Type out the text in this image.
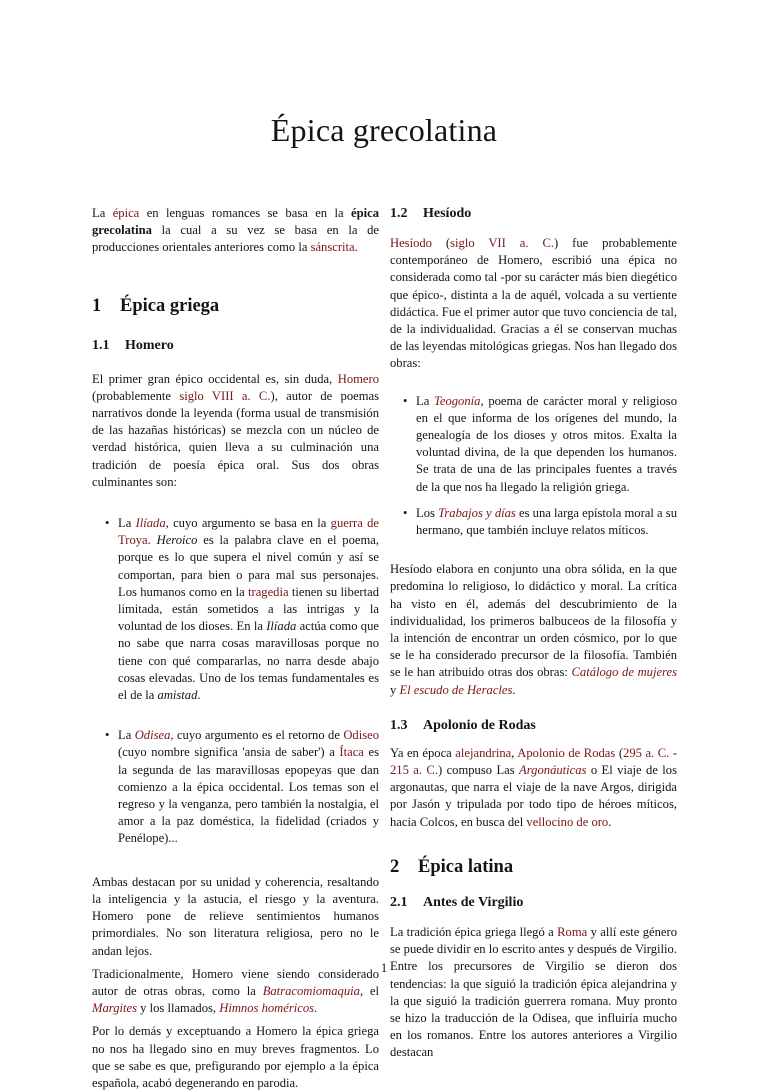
Épica grecolatina

La épica en lenguas romances se basa en la épica grecolatina la cual a su vez se basa en la de producciones orientales anteriores como la sánscrita.

1 Épica griega
1.1 Homero

El primer gran épico occidental es, sin duda, Homero (probablemente siglo VIII a. C.), autor de poemas narrativos donde la leyenda (forma usual de transmisión de las hazañas históricas) se mezcla con un núcleo de verdad histórica, quien lleva a su culminación una tradición de poesía épica oral. Sus dos obras culminantes son:

• La Ilíada, cuyo argumento se basa en la guerra de Troya. Heroico es la palabra clave en el poema, porque es lo que supera el nivel común y así se comportan, para bien o para mal sus personajes. Los humanos como en la tragedia tienen su libertad limitada, están sometidos a las intrigas y la voluntad de los dioses. En la Ilíada actúa como que no sabe que narra cosas maravillosas porque no tiene con qué compararlas, no narra desde abajo cosas elevadas. Uno de los temas fundamentales es el de la amistad.
• La Odisea, cuyo argumento es el retorno de Odiseo (cuyo nombre significa 'ansia de saber') a Ítaca es la segunda de las maravillosas epopeyas que dan comienzo a la épica occidental. Los temas son el regreso y la venganza, pero también la nostalgia, el amor a la paz doméstica, la fidelidad (criados y Penélope)...

Ambas destacan por su unidad y coherencia, resaltando la inteligencia y la astucia, el riesgo y la aventura. Homero pone de relieve sentimientos humanos primordiales. No son literatura religiosa, pero no le andan lejos.

Tradicionalmente, Homero viene siendo considerado autor de otras obras, como la Batracomiomaquia, el Margites y los llamados, Himnos homéricos.

Por lo demás y exceptuando a Homero la épica griega no nos ha llegado sino en muy breves fragmentos. Lo que se sabe es que, prefigurando por ejemplo a la épica española, acabó degenerando en parodia.

1.2 Hesíodo

Hesíodo (siglo VII a. C.) fue probablemente contemporáneo de Homero, escribió una épica no considerada como tal -por su carácter más bien diegético que épico-, distinta a la de aquél, volcada a su vertiente didáctica. Fue el primer autor que tuvo conciencia de tal, de la individualidad. Gracias a él se conservan muchas de las leyendas mitológicas griegas. Nos han llegado dos obras:

• La Teogonía, poema de carácter moral y religioso en el que informa de los orígenes del mundo, la genealogía de los dioses y otros mitos. Exalta la voluntad divina, de la que dependen los humanos. Se trata de una de las principales fuentes a través de la que nos ha llegado la religión griega.
• Los Trabajos y días es una larga epístola moral a su hermano, que también incluye relatos míticos.

Hesíodo elabora en conjunto una obra sólida, en la que predomina lo religioso, lo didáctico y moral. La crítica ha visto en él, además del descubrimiento de la individualidad, los primeros balbuceos de la filosofía y la intención de encontrar un orden cósmico, por lo que se le ha considerado precursor de la filosofía. También se le han atribuido otras dos obras: Catálogo de mujeres y El escudo de Heracles.

1.3 Apolonio de Rodas

Ya en época alejandrina, Apolonio de Rodas (295 a. C. - 215 a. C.) compuso Las Argonáuticas o El viaje de los argonautas, que narra el viaje de la nave Argos, dirigida por Jasón y tripulada por todo tipo de héroes míticos, hacia Colcos, en busca del vellocino de oro.

2 Épica latina
2.1 Antes de Virgilio

La tradición épica griega llegó a Roma y allí este género se puede dividir en lo escrito antes y después de Virgilio. Entre los precursores de Virgilio se dieron dos tendencias: la que siguió la tradición épica alejandrina y la que siguió la tradición guerrera romana. Muy pronto se hizo la traducción de la Odisea, que influiría mucho en los romanos. Entre los autores anteriores a Virgilio destacan

1
